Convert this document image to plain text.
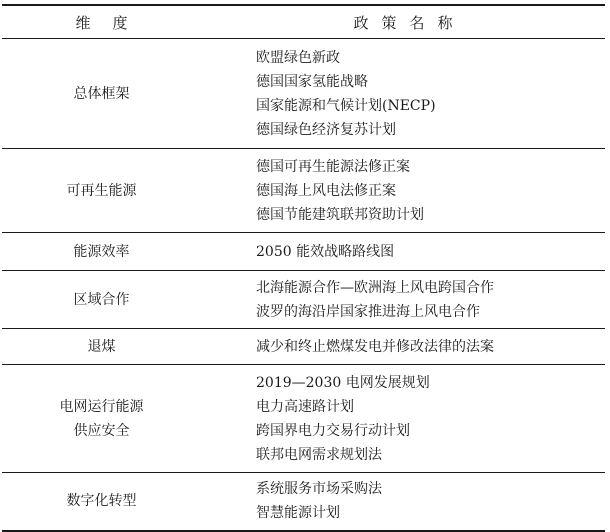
维度	政策名称

总体框架	欧盟绿色新政
德国国家氢能战略
国家能源和气候计划(NECP)
德国绿色经济复苏计划

可再生能源	德国可再生能源法修正案
德国海上风电法修正案
德国节能建筑联邦资助计划

能源效率	2050 能效战略路线图

区域合作	北海能源合作—欧洲海上风电跨国合作
波罗的海沿岸国家推进海上风电合作

退煤	减少和终止燃煤发电并修改法律的法案

电网运行能源
供应安全	2019—2030 电网发展规划
电力高速路计划
跨国界电力交易行动计划
联邦电网需求规划法

数字化转型	系统服务市场采购法
智慧能源计划
